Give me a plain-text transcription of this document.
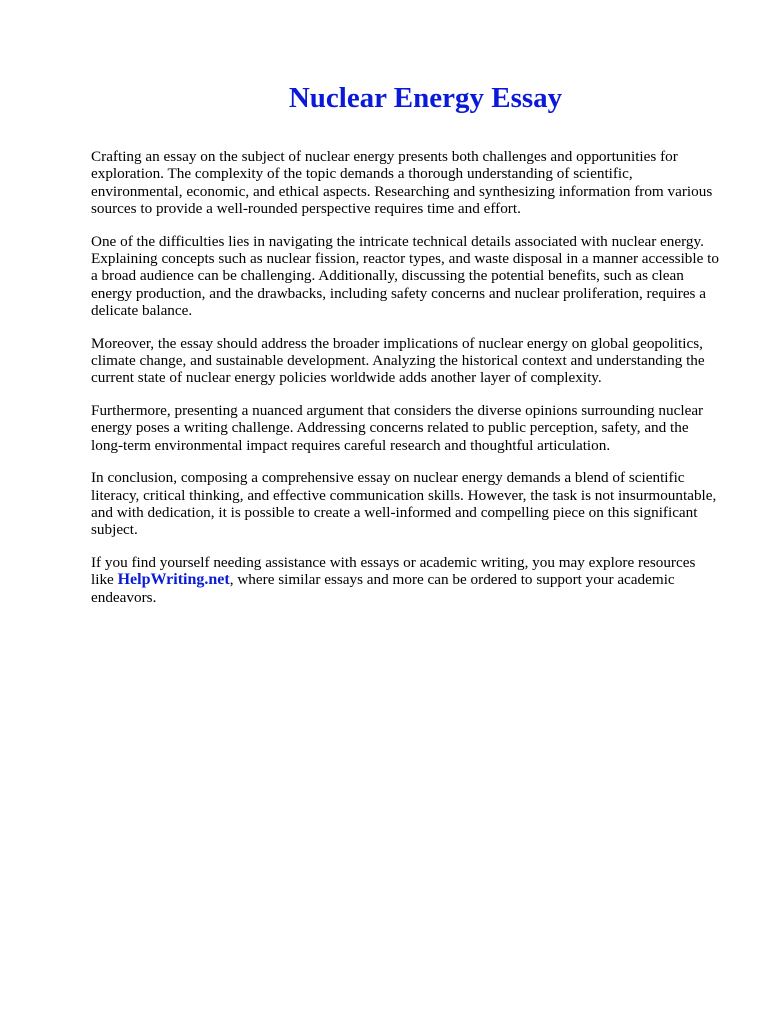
Nuclear Energy Essay

Crafting an essay on the subject of nuclear energy presents both challenges and opportunities for exploration. The complexity of the topic demands a thorough understanding of scientific, environmental, economic, and ethical aspects. Researching and synthesizing information from various sources to provide a well-rounded perspective requires time and effort.

One of the difficulties lies in navigating the intricate technical details associated with nuclear energy. Explaining concepts such as nuclear fission, reactor types, and waste disposal in a manner accessible to a broad audience can be challenging. Additionally, discussing the potential benefits, such as clean energy production, and the drawbacks, including safety concerns and nuclear proliferation, requires a delicate balance.

Moreover, the essay should address the broader implications of nuclear energy on global geopolitics, climate change, and sustainable development. Analyzing the historical context and understanding the current state of nuclear energy policies worldwide adds another layer of complexity.

Furthermore, presenting a nuanced argument that considers the diverse opinions surrounding nuclear energy poses a writing challenge. Addressing concerns related to public perception, safety, and the long-term environmental impact requires careful research and thoughtful articulation.

In conclusion, composing a comprehensive essay on nuclear energy demands a blend of scientific literacy, critical thinking, and effective communication skills. However, the task is not insurmountable, and with dedication, it is possible to create a well-informed and compelling piece on this significant subject.

If you find yourself needing assistance with essays or academic writing, you may explore resources like HelpWriting.net, where similar essays and more can be ordered to support your academic endeavors.
